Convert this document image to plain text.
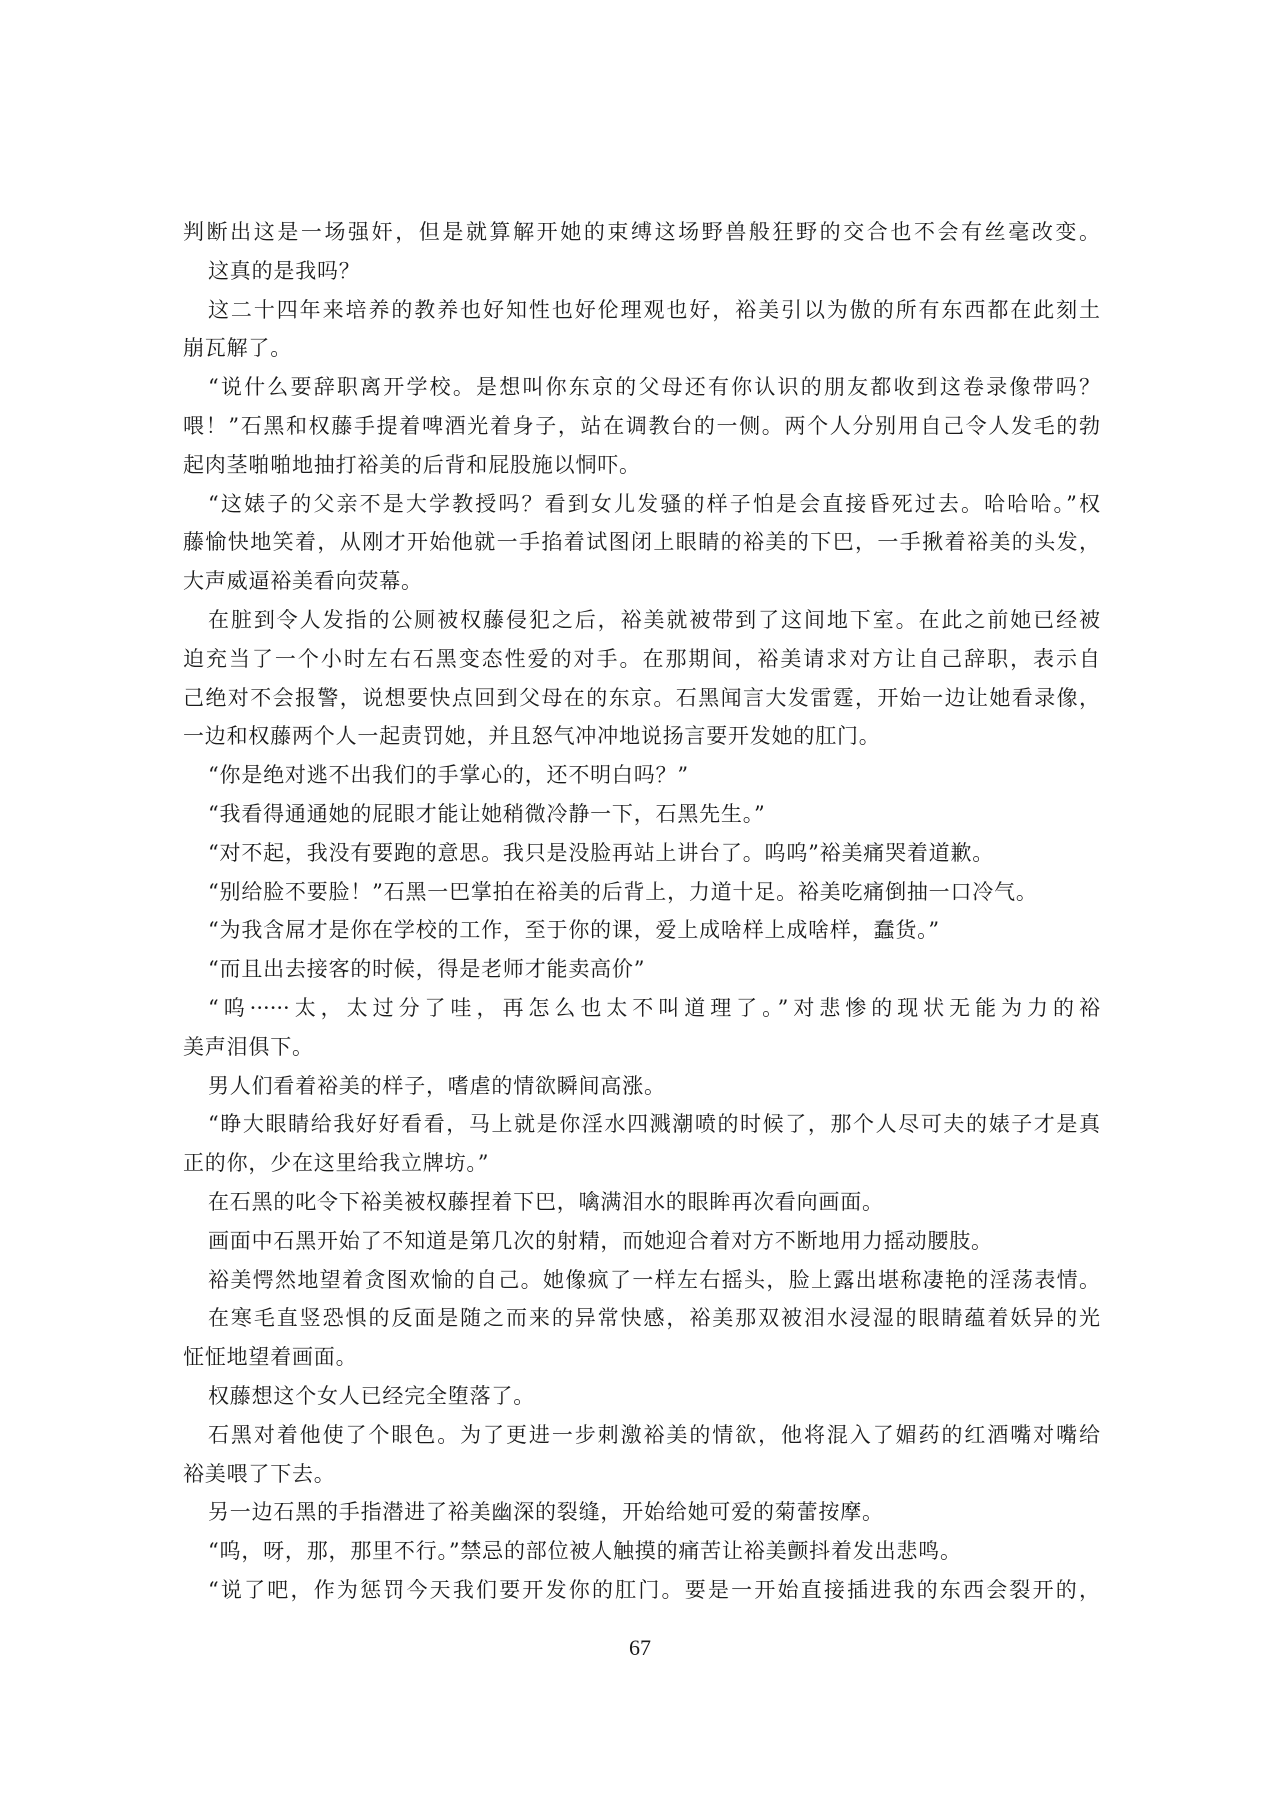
判断出这是一场强奸，但是就算解开她的束缚这场野兽般狂野的交合也不会有丝毫改变。
这真的是我吗？
这二十四年来培养的教养也好知性也好伦理观也好，裕美引以为傲的所有东西都在此刻土
崩瓦解了。
“说什么要辞职离开学校。是想叫你东京的父母还有你认识的朋友都收到这卷录像带吗？
喂！”石黑和权藤手提着啤酒光着身子，站在调教台的一侧。两个人分别用自己令人发毛的勃
起肉茎啪啪地抽打裕美的后背和屁股施以恫吓。
“这婊子的父亲不是大学教授吗？看到女儿发骚的样子怕是会直接昏死过去。哈哈哈。”权
藤愉快地笑着，从刚才开始他就一手掐着试图闭上眼睛的裕美的下巴，一手揪着裕美的头发，
大声威逼裕美看向荧幕。
在脏到令人发指的公厕被权藤侵犯之后，裕美就被带到了这间地下室。在此之前她已经被
迫充当了一个小时左右石黑变态性爱的对手。在那期间，裕美请求对方让自己辞职，表示自
己绝对不会报警，说想要快点回到父母在的东京。石黑闻言大发雷霆，开始一边让她看录像，
一边和权藤两个人一起责罚她，并且怒气冲冲地说扬言要开发她的肛门。
“你是绝对逃不出我们的手掌心的，还不明白吗？”
“我看得通通她的屁眼才能让她稍微冷静一下，石黑先生。”
“对不起，我没有要跑的意思。我只是没脸再站上讲台了。呜呜”裕美痛哭着道歉。
“别给脸不要脸！”石黑一巴掌拍在裕美的后背上，力道十足。裕美吃痛倒抽一口冷气。
“为我含屌才是你在学校的工作，至于你的课，爱上成啥样上成啥样，蠢货。”
“而且出去接客的时候，得是老师才能卖高价”
“呜······太，太过分了哇，再怎么也太不叫道理了。”对悲惨的现状无能为力的裕
美声泪俱下。
男人们看着裕美的样子，嗜虐的情欲瞬间高涨。
“睁大眼睛给我好好看看，马上就是你淫水四溅潮喷的时候了，那个人尽可夫的婊子才是真
正的你，少在这里给我立牌坊。”
在石黑的叱令下裕美被权藤捏着下巴，噙满泪水的眼眸再次看向画面。
画面中石黑开始了不知道是第几次的射精，而她迎合着对方不断地用力摇动腰肢。
裕美愕然地望着贪图欢愉的自己。她像疯了一样左右摇头，脸上露出堪称凄艳的淫荡表情。
在寒毛直竖恐惧的反面是随之而来的异常快感，裕美那双被泪水浸湿的眼睛蕴着妖异的光
怔怔地望着画面。
权藤想这个女人已经完全堕落了。
石黑对着他使了个眼色。为了更进一步刺激裕美的情欲，他将混入了媚药的红酒嘴对嘴给
裕美喂了下去。
另一边石黑的手指潜进了裕美幽深的裂缝，开始给她可爱的菊蕾按摩。
“呜，呀，那，那里不行。”禁忌的部位被人触摸的痛苦让裕美颤抖着发出悲鸣。
“说了吧，作为惩罚今天我们要开发你的肛门。要是一开始直接插进我的东西会裂开的，
67
